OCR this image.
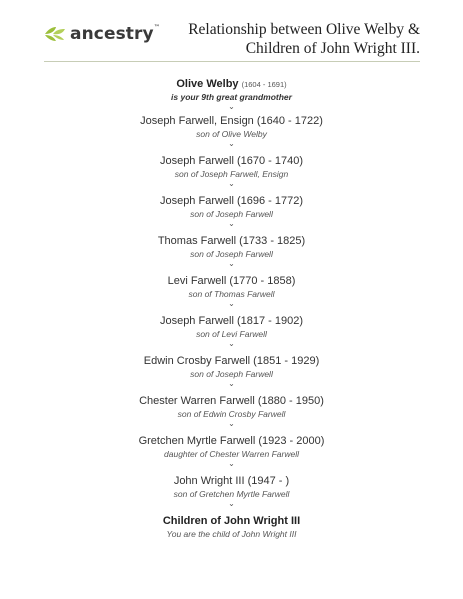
ancestry™	Relationship between Olive Welby &
Children of John Wright III.
Olive Welby (1604 - 1691)
is your 9th great grandmother
⌄
Joseph Farwell, Ensign (1640 - 1722)
son of Olive Welby
⌄
Joseph Farwell (1670 - 1740)
son of Joseph Farwell, Ensign
⌄
Joseph Farwell (1696 - 1772)
son of Joseph Farwell
⌄
Thomas Farwell (1733 - 1825)
son of Joseph Farwell
⌄
Levi Farwell (1770 - 1858)
son of Thomas Farwell
⌄
Joseph Farwell (1817 - 1902)
son of Levi Farwell
⌄
Edwin Crosby Farwell (1851 - 1929)
son of Joseph Farwell
⌄
Chester Warren Farwell (1880 - 1950)
son of Edwin Crosby Farwell
⌄
Gretchen Myrtle Farwell (1923 - 2000)
daughter of Chester Warren Farwell
⌄
John Wright III (1947 - )
son of Gretchen Myrtle Farwell
⌄
Children of John Wright III
You are the child of John Wright III
